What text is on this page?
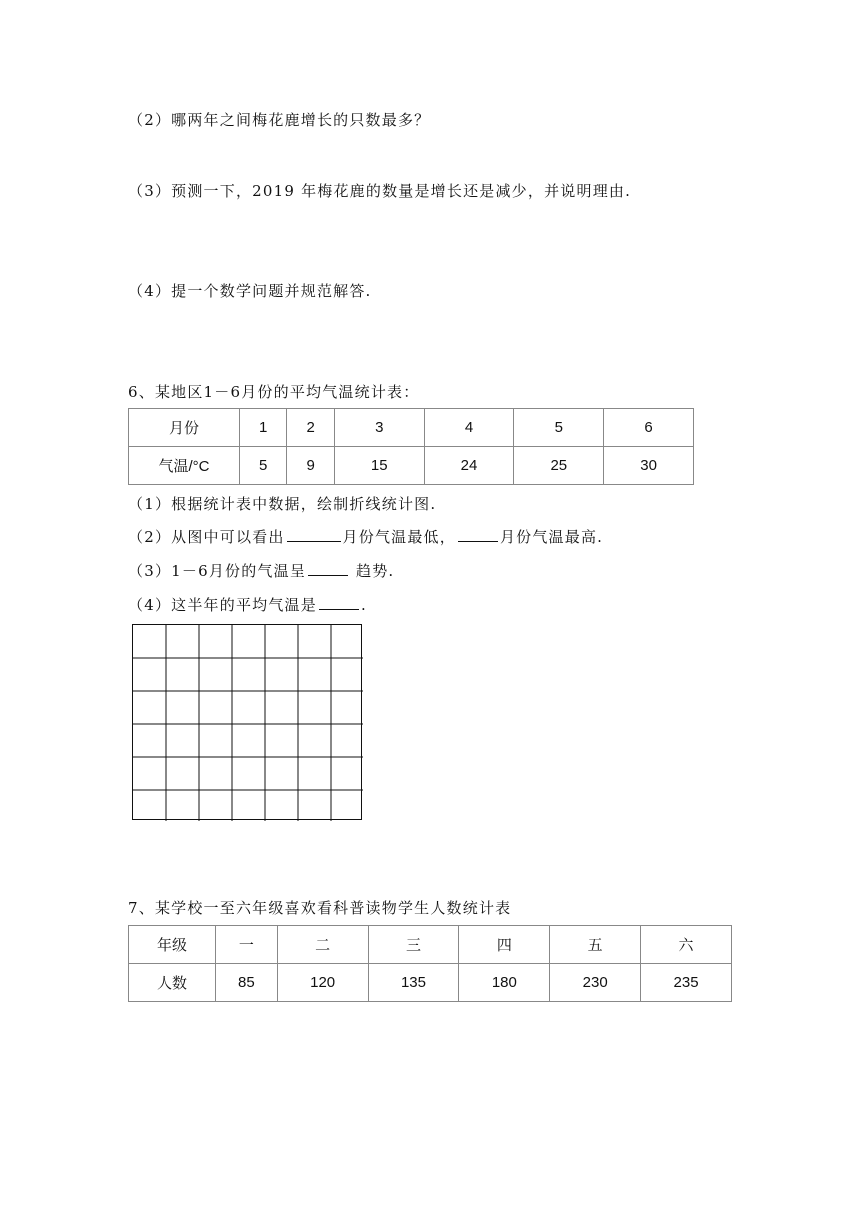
（2）哪两年之间梅花鹿增长的只数最多？
（3）预测一下，2019 年梅花鹿的数量是增长还是减少，并说明理由.
（4）提一个数学问题并规范解答.
6、某地区1－6月份的平均气温统计表：
月份	1	2	3	4	5	6
气温/°C	5	9	15	24	25	30
（1）根据统计表中数据，绘制折线统计图.
（2）从图中可以看出	月份气温最低，	月份气温最高.
（3）1－6月份的气温呈	趋势.
（4）这半年的平均气温是	.
7、某学校一至六年级喜欢看科普读物学生人数统计表
年级	一	二	三	四	五	六
人数	85	120	135	180	230	235
